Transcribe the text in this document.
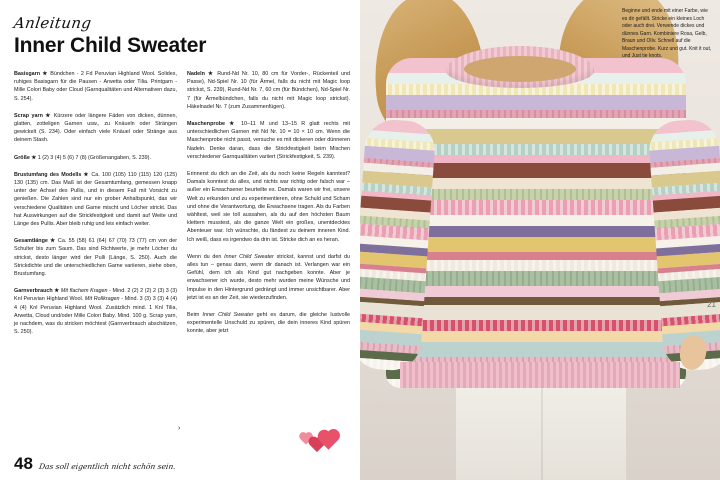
Anleitung
Inner Child Sweater

Basisgarn ★ Bündchen - 2 Fd Peruvian Highland Wool. Solides, ruhiges Basisgarn für die Pausen - Arwetta oder Tilia. Printgarn - Mille Colori Baby oder Cloud (Garnqualitäten und Alternativen dazu, S. 254).

Scrap yarn ★ Kürzere oder längere Fäden von dicken, dünnen, glatten, zotteligen Garnen usw., zu Knäueln oder Strängen gewickelt (S. 234). Oder einfach viele Knäuel oder Stränge aus deinem Stash.

Größe ★ 1 (2) 3 (4) 5 (6) 7 (8) (Größenangaben, S. 239).

Brustumfang des Modells ★ Ca. 100 (105) 110 (115) 120 (125) 130 (135) cm. Das Maß ist der Gesamtumfang, gemessen knapp unter der Achsel des Pullis, und in diesem Fall mit Vorsicht zu genießen. Die Zahlen sind nur ein grober Anhaltspunkt, das wir verschiedene Qualitäten und Garne mischt und Löcher strickt. Das hat Auswirkungen auf die Strickfestigkeit und damit auf Weite und Länge des Pullis. Aber bleib ruhig und leis einfach weiter.

Gesamtlänge ★ Ca. 55 (58) 61 (64) 67 (70) 73 (77) cm von der Schulter bis zum Saum. Das sind Richtwerte, je mehr Löcher du strickst, desto länger wird der Pulli (Länge, S. 250). Auch die Strickdichte und die unterschiedlichen Garne variieren, siehe oben, Brustumfang.

Garnverbrauch ★ Mit flachem Kragen - Mind. 2 (2) 2 (2) 2 (3) 3 (3) Knl Peruvian Highland Wool. Mit Rollkragen - Mind. 3 (3) 3 (3) 4 (4) 4 (4) Knl Peruvian Highland Wool. Zusätzlich mind. 1 Knl Tilia, Arwetta, Cloud und/oder Mille Colori Baby. Mind. 100 g. Scrap yarn, je nachdem, was du stricken möchtest (Garnverbrauch abschätzen, S. 250).

Nadeln ★ Rund-Nd Nr. 10, 80 cm für Vorder-, Rückenteil und Passe), Nd-Spiel Nr. 10 (für Ärmel, falls du nicht mit Magic loop strickst, S. 239), Rund-Nd Nr. 7, 60 cm (für Bündchen), Nd-Spiel Nr. 7 (für Ärmelbündchen, falls du nicht mit Magic loop strickst). Häkelnadel Nr. 7 (zum Zusammenfügen).

Maschenprobe ★ 10–11 M und 13–15 R glatt rechts mit unterschiedlichen Garnen mit Nd Nr. 10 = 10 × 10 cm. Wenn die Maschenprobe nicht passt, versuche es mit dickeren oder dünneren Nadeln. Denke daran, dass die Strickfestigkeit beim Mischen verschiedener Garnqualitäten variiert (Strickfestigkeit, S. 239).

Erinnerst du dich an die Zeit, als du noch keine Regeln kanntest? Damals konntest du alles, und nichts war richtig oder falsch war – außer ein Erwachsener beurteilte es. Damals waren wir frei, unsere Welt zu erkunden und zu experimentieren, ohne Schuld und Scham und ohne die Verantwortung, die Erwachsene tragen. Als du Farben wähltest, weil sie toll aussahen, als du auf den höchsten Baum klettern musstest, als die ganze Welt ein großes, unentdecktes Abenteuer war. Ich wünschte, du fändest zu deinem inneren Kind. Ich weiß, dass es irgendwo da drin ist. Stricke dich an es heran.

Wenn du den Inner Child Sweater strickst, kannst und darfst du alles tun – genau dann, wenn dir danach ist. Verlangen war ein Gefühl, dem ich als Kind gut nachgeben konnte. Aber je erwachsener ich wurde, desto mehr wurden meine Wünsche und Impulse in den Hintergrund gedrängt und immer unsichtbarer. Aber jetzt ist es an der Zeit, sie wiederzufinden.

Beim Inner Child Sweater geht es darum, die gleiche Iustvolle experimentelle Unschuld zu spüren, die dein inneres Kind spüren konnte, aber jetzt

›
48 Das soll eigentlich nicht schön sein.
21
Beginne und ende mit einer Farbe, wie es dir gefällt. Stricke ein kleines Loch oder auch drei. Verwende dickes und dünnes Garn. Kombiniere Rosa, Gelb, Braun und Olív. Schnell auf die Maschenprobe. Kurz und gut. Knit it out, und Just tie knots.
